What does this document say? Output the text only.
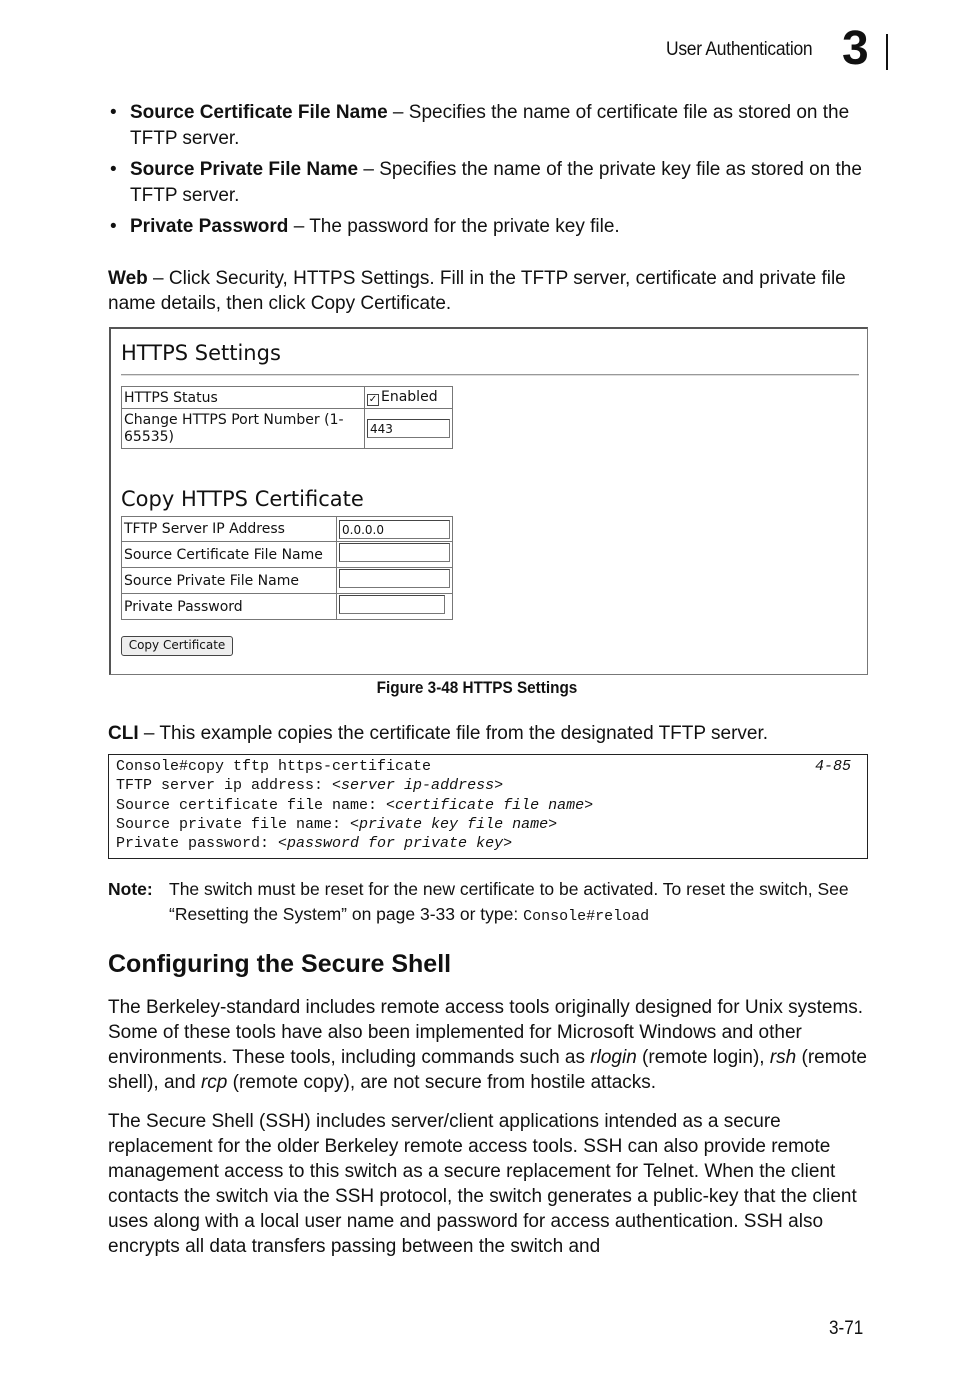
User Authentication 3
• Source Certificate File Name – Specifies the name of certificate file as stored on the TFTP server.
• Source Private File Name – Specifies the name of the private key file as stored on the TFTP server.
• Private Password – The password for the private key file.
Web – Click Security, HTTPS Settings. Fill in the TFTP server, certificate and private file name details, then click Copy Certificate.
HTTPS Settings
HTTPS Status	✓ Enabled
Change HTTPS Port Number (1-65535)	443
Copy HTTPS Certificate
TFTP Server IP Address	0.0.0.0
Source Certificate File Name	
Source Private File Name	
Private Password	
Copy Certificate
Figure 3-48 HTTPS Settings
CLI – This example copies the certificate file from the designated TFTP server.
4-85
Console#copy tftp https-certificate
TFTP server ip address: <server ip-address>
Source certificate file name: <certificate file name>
Source private file name: <private key file name>
Private password: <password for private key>
Note: The switch must be reset for the new certificate to be activated. To reset the switch, See “Resetting the System” on page 3-33 or type: Console#reload
Configuring the Secure Shell
The Berkeley-standard includes remote access tools originally designed for Unix systems. Some of these tools have also been implemented for Microsoft Windows and other environments. These tools, including commands such as rlogin (remote login), rsh (remote shell), and rcp (remote copy), are not secure from hostile attacks.
The Secure Shell (SSH) includes server/client applications intended as a secure replacement for the older Berkeley remote access tools. SSH can also provide remote management access to this switch as a secure replacement for Telnet. When the client contacts the switch via the SSH protocol, the switch generates a public-key that the client uses along with a local user name and password for access authentication. SSH also encrypts all data transfers passing between the switch and
3-71
